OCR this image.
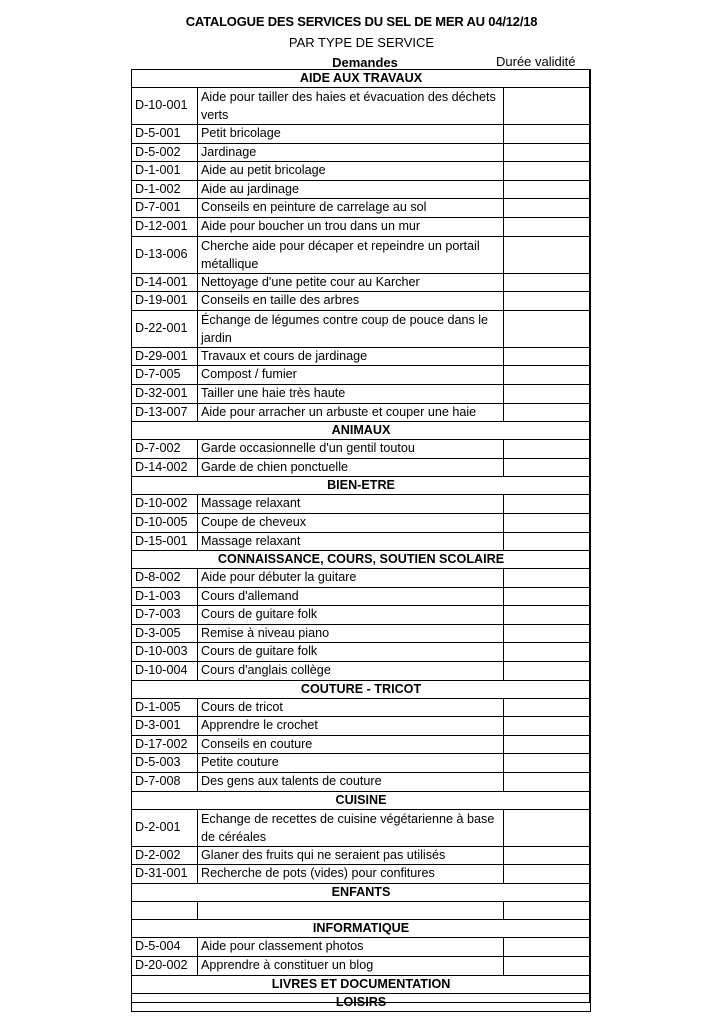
CATALOGUE DES SERVICES DU SEL DE MER AU 04/12/18
PAR TYPE DE SERVICE
Demandes	Durée validité
AIDE AUX TRAVAUX		
D-10-001	Aide pour tailler des haies et évacuation des déchets verts	
D-5-001	Petit bricolage	
D-5-002	Jardinage	
D-1-001	Aide au petit bricolage	
D-1-002	Aide au jardinage	
D-7-001	Conseils en peinture de carrelage au sol	
D-12-001	Aide pour boucher un trou dans un mur	
D-13-006	Cherche aide pour décaper et repeindre un portail métallique	
D-14-001	Nettoyage d'une petite cour au Karcher	
D-19-001	Conseils en taille des arbres	
D-22-001	Échange de légumes contre coup de pouce dans le jardin	
D-29-001	Travaux et cours de jardinage	
D-7-005	Compost / fumier	
D-32-001	Tailler une haie très haute	
D-13-007	Aide pour arracher un arbuste et couper une haie	
ANIMAUX		
D-7-002	Garde occasionnelle d'un gentil toutou	
D-14-002	Garde de chien ponctuelle	
BIEN-ETRE		
D-10-002	Massage relaxant	
D-10-005	Coupe de cheveux	
D-15-001	Massage relaxant	
CONNAISSANCE, COURS, SOUTIEN SCOLAIRE		
D-8-002	Aide pour débuter la guitare	
D-1-003	Cours d'allemand	
D-7-003	Cours de guitare folk	
D-3-005	Remise à niveau piano	
D-10-003	Cours de guitare folk	
D-10-004	Cours d'anglais collège	
COUTURE - TRICOT		
D-1-005	Cours de tricot	
D-3-001	Apprendre le crochet	
D-17-002	Conseils en couture	
D-5-003	Petite couture	
D-7-008	Des gens aux talents de couture	
CUISINE		
D-2-001	Echange de recettes de cuisine végétarienne à base de céréales	
D-2-002	Glaner des fruits qui ne seraient pas utilisés	
D-31-001	Recherche de pots (vides) pour confitures	
ENFANTS		

INFORMATIQUE		
D-5-004	Aide pour classement photos	
D-20-002	Apprendre à constituer un blog	
LIVRES ET DOCUMENTATION		
LOISIRS		
